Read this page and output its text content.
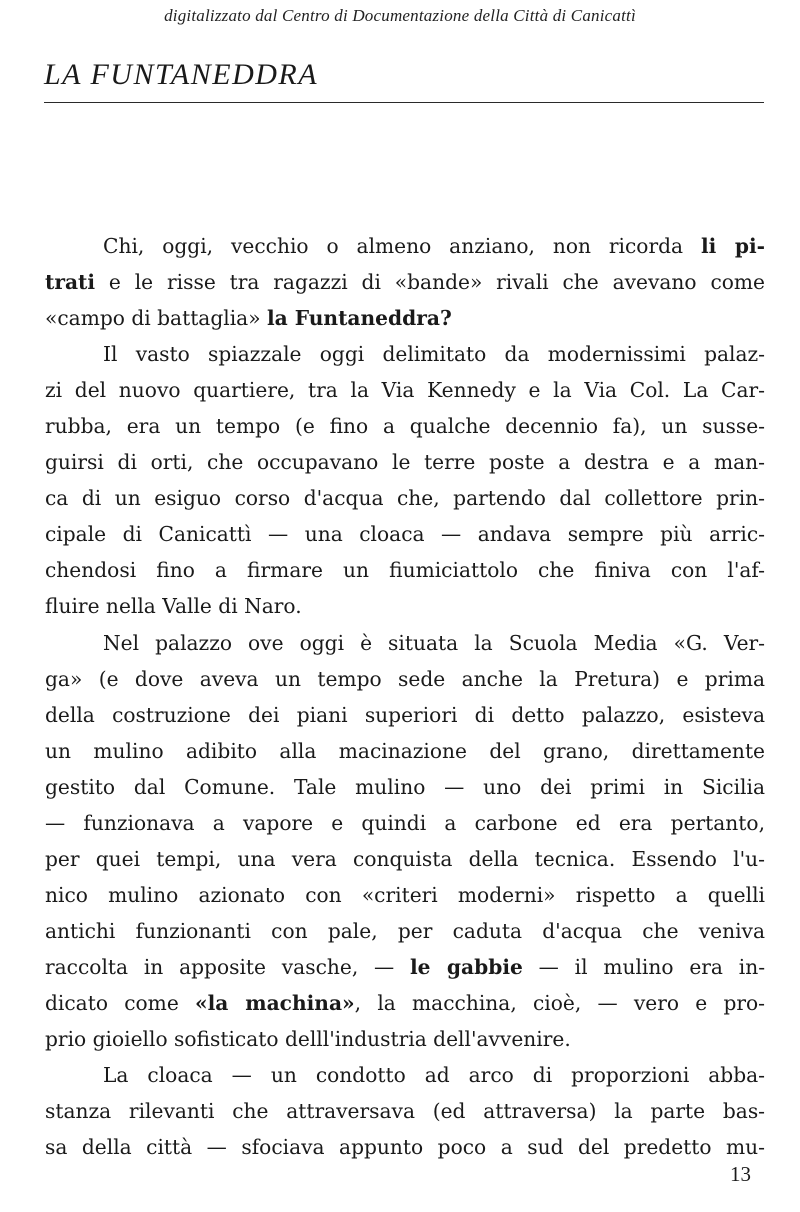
digitalizzato dal Centro di Documentazione della Città di Canicattì
LA FUNTANEDDRA
Chi, oggi, vecchio o almeno anziano, non ricorda li pi-
trati e le risse tra ragazzi di «bande» rivali che avevano come
«campo di battaglia» la Funtaneddra?
Il vasto spiazzale oggi delimitato da modernissimi palaz-
zi del nuovo quartiere, tra la Via Kennedy e la Via Col. La Car-
rubba, era un tempo (e fino a qualche decennio fa), un susse-
guirsi di orti, che occupavano le terre poste a destra e a man-
ca di un esiguo corso d'acqua che, partendo dal collettore prin-
cipale di Canicattì — una cloaca — andava sempre più arric-
chendosi fino a firmare un fiumiciattolo che finiva con l'af-
fluire nella Valle di Naro.
Nel palazzo ove oggi è situata la Scuola Media «G. Ver-
ga» (e dove aveva un tempo sede anche la Pretura) e prima
della costruzione dei piani superiori di detto palazzo, esisteva
un mulino adibito alla macinazione del grano, direttamente
gestito dal Comune. Tale mulino — uno dei primi in Sicilia
— funzionava a vapore e quindi a carbone ed era pertanto,
per quei tempi, una vera conquista della tecnica. Essendo l'u-
nico mulino azionato con «criteri moderni» rispetto a quelli
antichi funzionanti con pale, per caduta d'acqua che veniva
raccolta in apposite vasche, — le gabbie — il mulino era in-
dicato come «la machina», la macchina, cioè, — vero e pro-
prio gioiello sofisticato delll'industria dell'avvenire.
La cloaca — un condotto ad arco di proporzioni abba-
stanza rilevanti che attraversava (ed attraversa) la parte bas-
sa della città — sfociava appunto poco a sud del predetto mu-
13
